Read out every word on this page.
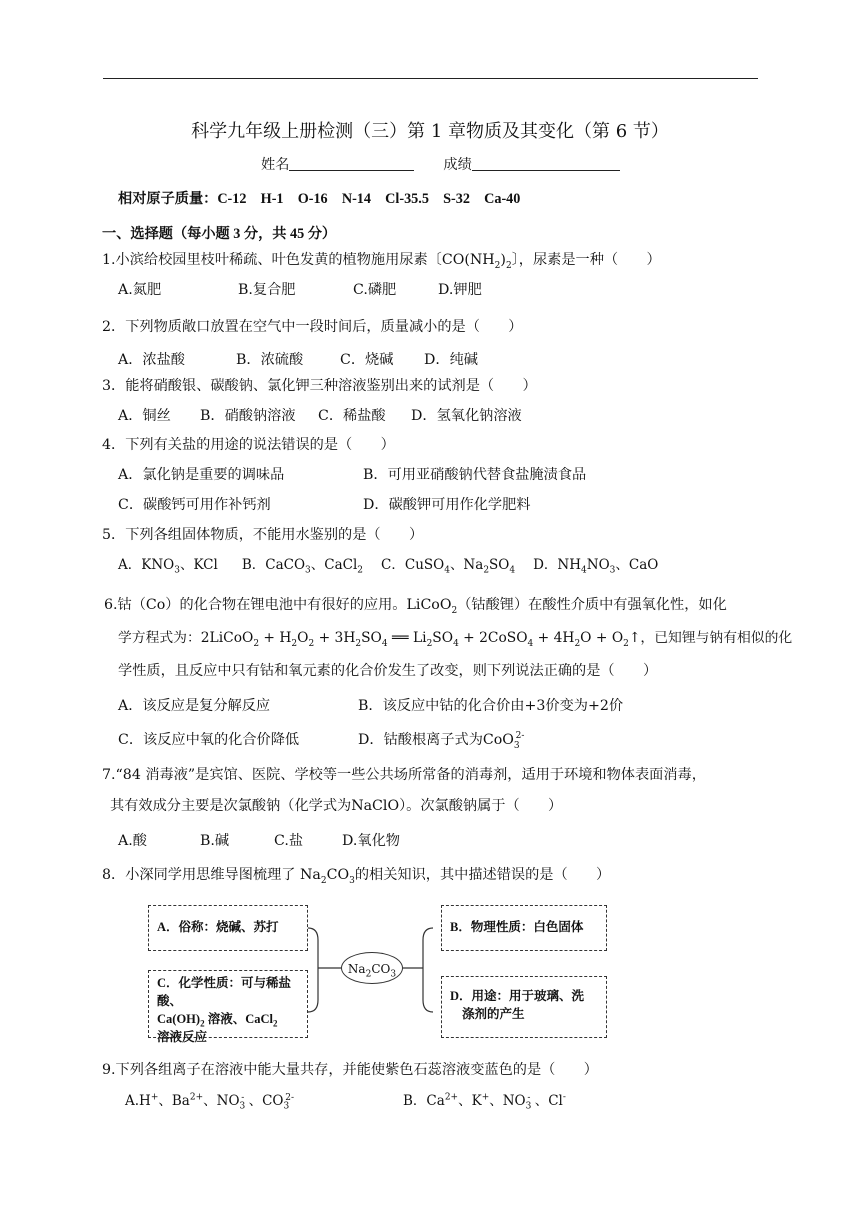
科学九年级上册检测（三）第 1 章物质及其变化（第 6 节）
姓名	成绩
相对原子质量：C-12　H-1　O-16　N-14　Cl-35.5　S-32　Ca-40
一、选择题（每小题 3 分，共 45 分）
1.小滨给校园里枝叶稀疏、叶色发黄的植物施用尿素〔$CO(NH_2)_2$〕，尿素是一种（　　）
A.氮肥	B.复合肥	C.磷肥	D.钾肥
2．下列物质敞口放置在空气中一段时间后，质量减小的是（　　）
A．浓盐酸	B．浓硫酸	C．烧碱 D．纯碱
3．能将硝酸银、碳酸钠、氯化钾三种溶液鉴别出来的试剂是（　　）
A．铜丝 B．硝酸钠溶液 C．稀盐酸 D．氢氧化钠溶液
4．下列有关盐的用途的说法错误的是（　　）
A．氯化钠是重要的调味品	B．可用亚硝酸钠代替食盐腌渍食品
C．碳酸钙可用作补钙剂	D．碳酸钾可用作化学肥料
5．下列各组固体物质，不能用水鉴别的是（　　）
A．$KNO_3$、KCl B．CaCO$_3$、CaCl$_2$ C．CuSO$_4$、$Na_2SO_4$ D．$NH_4NO_3$、CaO
6.钴（Co）的化合物在锂电池中有很好的应用。LiCoO$_2$（钴酸锂）在酸性介质中有强氧化性，如化
学方程式为：2LiCoO$_2$ + $H_2O_2 + 3H_2SO_4$ ══ $Li_2SO_4$ + 2CoSO$_4$ + $4H_2O$ + $O_2↑$，已知锂与钠有相似的化
学性质，且反应中只有钴和氧元素的化合价发生了改变，则下列说法正确的是（　　）
A．该反应是复分解反应	B．该反应中钴的化合价由+3价变为+2价
C．该反应中氧的化合价降低	D．钴酸根离子式为CoO$_3^{2-}$
7.“84 消毒液”是宾馆、医院、学校等一些公共场所常备的消毒剂，适用于环境和物体表面消毒，
其有效成分主要是次氯酸钠（化学式为NaClO）。次氯酸钠属于（　　）
A.酸	B.碱	C.盐	D.氧化物
8．小深同学用思维导图梳理了 $Na_2CO_3$的相关知识，其中描述错误的是（　　）
A．俗称：烧碱、苏打
C．化学性质：可与稀盐酸、
$Ca(OH)_2$ 溶液、CaCl$_2$
溶液反应
$Na_2CO_3$
B．物理性质：白色固体
D．用途：用于玻璃、洗
涤剂的产生
9.下列各组离子在溶液中能大量共存，并能使紫色石蕊溶液变蓝色的是（　　）
A.H+、$Ba^{2+}$、$NO_3^-$ 、$CO_3^{2-}$	B．$Ca^{2+}$、K+、$NO_3^-$ 、Cl-
